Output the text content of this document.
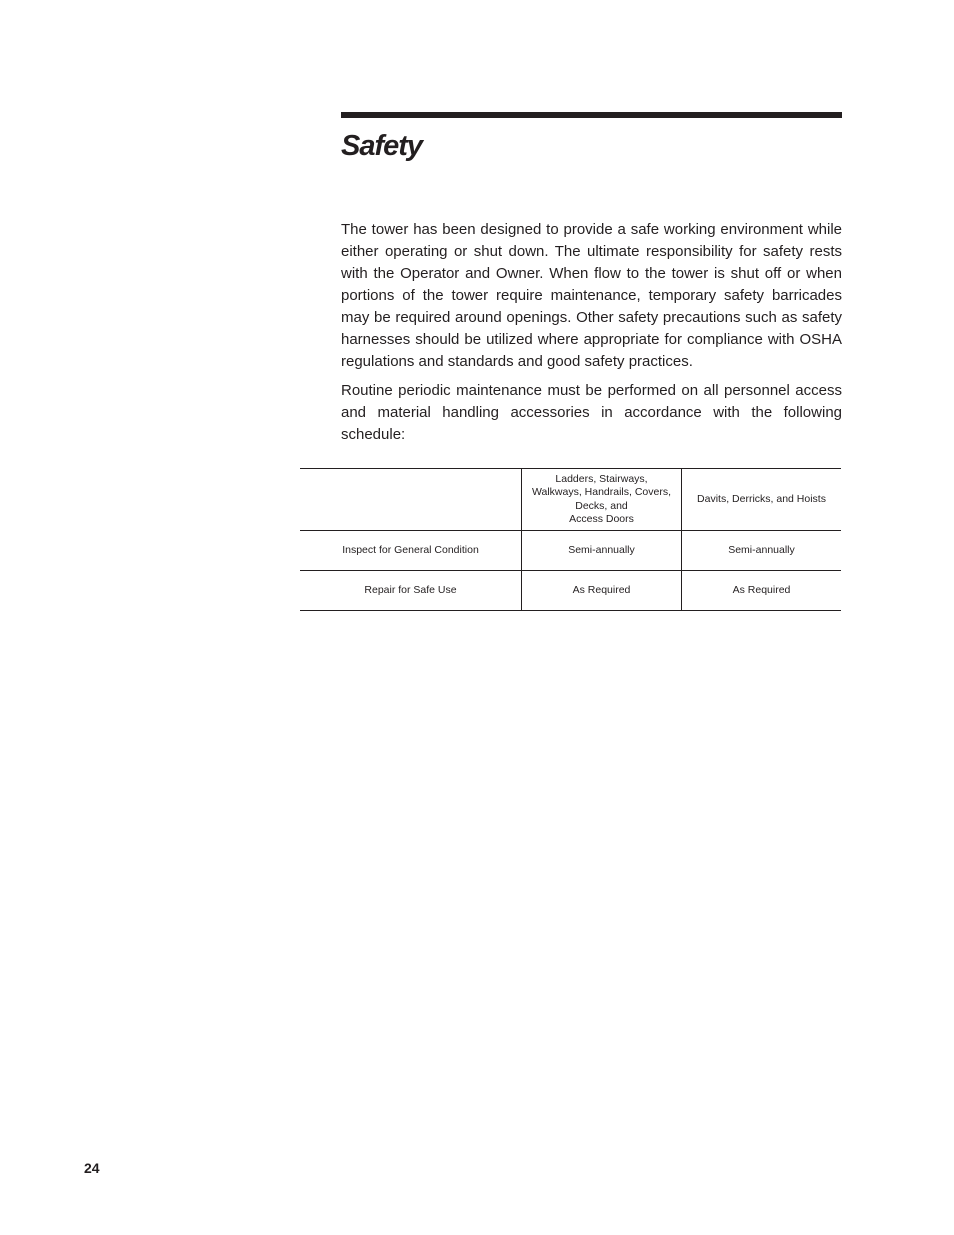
Safety

The tower has been designed to provide a safe working environment while either operating or shut down. The ultimate responsibility for safety rests with the Operator and Owner. When flow to the tower is shut off or when portions of the tower require maintenance, temporary safety barricades may be required around openings. Other safety precautions such as safety harnesses should be utilized where appropriate for compliance with OSHA regulations and standards and good safety practices.

Routine periodic maintenance must be performed on all personnel access and material handling accessories in accordance with the following schedule:

	Ladders, Stairways,
Walkways, Handrails, Covers,
Decks, and
Access Doors	Davits, Derricks, and Hoists
Inspect for General Condition	Semi-annually	Semi-annually
Repair for Safe Use	As Required	As Required
24
